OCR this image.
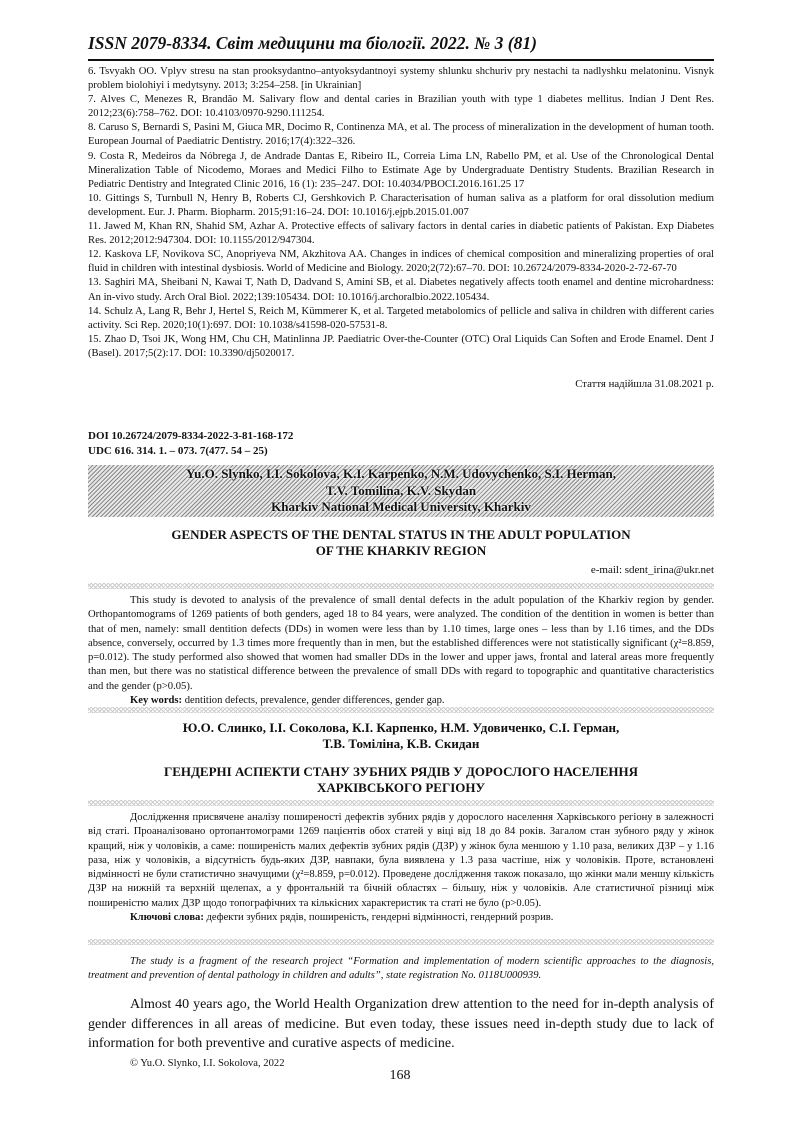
ISSN 2079-8334. Світ медицини та біології. 2022. № 3 (81)
6. Tsvyakh OO. Vplyv stresu na stan prooksydantno–antyoksydantnoyi systemy shlunku shchuriv pry nestachi ta nadlyshku melatoninu. Visnyk problem biolohiyi i medytsyny. 2013; 3:254–258. [in Ukrainian]
7. Alves C, Menezes R, Brandão M. Salivary flow and dental caries in Brazilian youth with type 1 diabetes mellitus. Indian J Dent Res. 2012;23(6):758–762. DOI: 10.4103/0970-9290.111254.
8. Caruso S, Bernardi S, Pasini M, Giuca MR, Docimo R, Continenza MA, et al. The process of mineralization in the development of human tooth. European Journal of Paediatric Dentistry. 2016;17(4):322–326.
9. Costa R, Medeiros da Nóbrega J, de Andrade Dantas E, Ribeiro IL, Correia Lima LN, Rabello PM, et al. Use of the Chronological Dental Mineralization Table of Nicodemo, Moraes and Medici Filho to Estimate Age by Undergraduate Dentistry Students. Brazilian Research in Pediatric Dentistry and Integrated Clinic 2016, 16 (1): 235–247. DOI: 10.4034/PBOCI.2016.161.25 17
10. Gittings S, Turnbull N, Henry B, Roberts CJ, Gershkovich P. Characterisation of human saliva as a platform for oral dissolution medium development. Eur. J. Pharm. Biopharm. 2015;91:16–24. DOI: 10.1016/j.ejpb.2015.01.007
11. Jawed M, Khan RN, Shahid SM, Azhar A. Protective effects of salivary factors in dental caries in diabetic patients of Pakistan. Exp Diabetes Res. 2012;2012:947304. DOI: 10.1155/2012/947304.
12. Kaskova LF, Novikova SC, Anopriyeva NM, Akzhitova AA. Changes in indices of chemical composition and mineralizing properties of oral fluid in children with intestinal dysbiosis. World of Medicine and Biology. 2020;2(72):67–70. DOI: 10.26724/2079-8334-2020-2-72-67-70
13. Saghiri MA, Sheibani N, Kawai T, Nath D, Dadvand S, Amini SB, et al. Diabetes negatively affects tooth enamel and dentine microhardness: An in-vivo study. Arch Oral Biol. 2022;139:105434. DOI: 10.1016/j.archoralbio.2022.105434.
14. Schulz A, Lang R, Behr J, Hertel S, Reich M, Kümmerer K, et al. Targeted metabolomics of pellicle and saliva in children with different caries activity. Sci Rep. 2020;10(1):697. DOI: 10.1038/s41598-020-57531-8.
15. Zhao D, Tsoi JK, Wong HM, Chu CH, Matinlinna JP. Paediatric Over-the-Counter (OTC) Oral Liquids Can Soften and Erode Enamel. Dent J (Basel). 2017;5(2):17. DOI: 10.3390/dj5020017.
Стаття надійшла 31.08.2021 р.
DOI 10.26724/2079-8334-2022-3-81-168-172
UDC 616. 314. 1. – 073. 7(477. 54 – 25)
Yu.O. Slynko, I.I. Sokolova, K.I. Karpenko, N.M. Udovychenko, S.I. Herman,
T.V. Tomilina, K.V. Skydan
Kharkiv National Medical University, Kharkiv
GENDER ASPECTS OF THE DENTAL STATUS IN THE ADULT POPULATION
OF THE KHARKIV REGION
e-mail: sdent_irina@ukr.net
This study is devoted to analysis of the prevalence of small dental defects in the adult population of the Kharkiv region by gender. Orthopantomograms of 1269 patients of both genders, aged 18 to 84 years, were analyzed. The condition of the dentition in women is better than that of men, namely: small dentition defects (DDs) in women were less than by 1.10 times, large ones – less than by 1.16 times, and the DDs absence, conversely, occurred by 1.3 times more frequently than in men, but the established differences were not statistically significant (χ²=8.859, p=0.012). The study performed also showed that women had smaller DDs in the lower and upper jaws, frontal and lateral areas more frequently than men, but there was no statistical difference between the prevalence of small DDs with regard to topographic and quantitative characteristics and the gender (p>0.05).
Key words: dentition defects, prevalence, gender differences, gender gap.
Ю.О. Слинко, І.І. Соколова, К.І. Карпенко, Н.М. Удовиченко, С.І. Герман,
Т.В. Томіліна, К.В. Скидан
ГЕНДЕРНІ АСПЕКТИ СТАНУ ЗУБНИХ РЯДІВ У ДОРОСЛОГО НАСЕЛЕННЯ
ХАРКІВСЬКОГО РЕГІОНУ
Дослідження присвячене аналізу поширеності дефектів зубних рядів у дорослого населення Харківського регіону в залежності від статі. Проаналізовано ортопантомограми 1269 пацієнтів обох статей у віці від 18 до 84 років. Загалом стан зубного ряду у жінок кращий, ніж у чоловіків, а саме: поширеність малих дефектів зубних рядів (ДЗР) у жінок була меншою у 1.10 раза, великих ДЗР – у 1.16 раза, ніж у чоловіків, а відсутність будь-яких ДЗР, навпаки, була виявлена у 1.3 раза частіше, ніж у чоловіків. Проте, встановлені відмінності не були статистично значущими (χ²=8.859, p=0.012). Проведене дослідження також показало, що жінки мали меншу кількість ДЗР на нижній та верхній щелепах, а у фронтальній та бічній областях – більшу, ніж у чоловіків. Але статистичної різниці між поширеністю малих ДЗР щодо топографічних та кількісних характеристик та статі не було (p>0.05).
Ключові слова: дефекти зубних рядів, поширеність, гендерні відмінності, гендерний розрив.
The study is a fragment of the research project “Formation and implementation of modern scientific approaches to the diagnosis, treatment and prevention of dental pathology in children and adults”, state registration No. 0118U000939.
Almost 40 years ago, the World Health Organization drew attention to the need for in-depth analysis of gender differences in all areas of medicine. But even today, these issues need in-depth study due to lack of information for both preventive and curative aspects of medicine.
© Yu.O. Slynko, I.I. Sokolova, 2022
168
